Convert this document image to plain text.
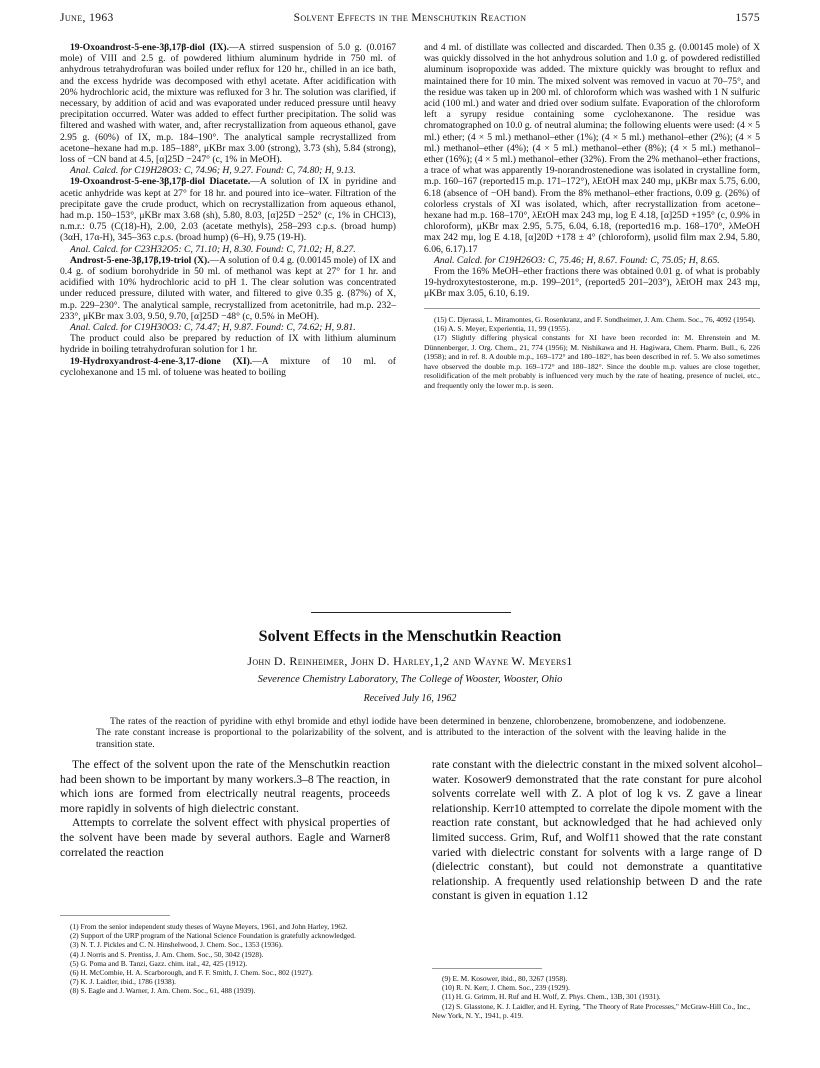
June, 1963	Solvent Effects in the Menschutkin Reaction	1575

19-Oxoandrost-5-ene-3β,17β-diol (IX).—A stirred suspension of 5.0 g. (0.0167 mole) of VIII and 2.5 g. of powdered lithium aluminum hydride in 750 ml. of anhydrous tetrahydrofuran was boiled under reflux for 120 hr., chilled in an ice bath, and the excess hydride was decomposed with ethyl acetate. After acidification with 20% hydrochloric acid, the mixture was refluxed for 3 hr. The solution was clarified, if necessary, by addition of acid and was evaporated under reduced pressure until heavy precipitation occurred. Water was added to effect further precipitation. The solid was filtered and washed with water, and, after recrystallization from aqueous ethanol, gave 2.95 g. (60%) of IX, m.p. 184–190°. The analytical sample recrystallized from acetone–hexane had m.p. 185–188°, μKBr max 3.00 (strong), 3.73 (sh), 5.84 (strong), loss of −CN band at 4.5, [α]25D −247° (c, 1% in MeOH).

Anal. Calcd. for C19H28O3: C, 74.96; H, 9.27. Found: C, 74.80; H, 9.13.

19-Oxoandrost-5-ene-3β,17β-diol Diacetate.—A solution of IX in pyridine and acetic anhydride was kept at 27° for 18 hr. and poured into ice–water. Filtration of the precipitate gave the crude product, which on recrystallization from aqueous ethanol, had m.p. 150–153°, μKBr max 3.68 (sh), 5.80, 8.03, [α]25D −252° (c, 1% in CHCl3), n.m.r.: 0.75 (C(18)-H), 2.00, 2.03 (acetate methyls), 258–293 c.p.s. (broad hump) (3αH, 17α-H), 345–363 c.p.s. (broad hump) (6–H), 9.75 (19-H).

Anal. Calcd. for C23H32O5: C, 71.10; H, 8.30. Found: C, 71.02; H, 8.27.

Androst-5-ene-3β,17β,19-triol (X).—A solution of 0.4 g. (0.00145 mole) of IX and 0.4 g. of sodium borohydride in 50 ml. of methanol was kept at 27° for 1 hr. and acidified with 10% hydrochloric acid to pH 1. The clear solution was concentrated under reduced pressure, diluted with water, and filtered to give 0.35 g. (87%) of X, m.p. 229–230°. The analytical sample, recrystallized from acetonitrile, had m.p. 232–233°, μKBr max 3.03, 9.50, 9.70, [α]25D −48° (c, 0.5% in MeOH).

Anal. Calcd. for C19H30O3: C, 74.47; H, 9.87. Found: C, 74.62; H, 9.81.

The product could also be prepared by reduction of IX with lithium aluminum hydride in boiling tetrahydrofuran solution for 1 hr.

19-Hydroxyandrost-4-ene-3,17-dione (XI).—A mixture of 10 ml. of cyclohexanone and 15 ml. of toluene was heated to boiling

and 4 ml. of distillate was collected and discarded. Then 0.35 g. (0.00145 mole) of X was quickly dissolved in the hot anhydrous solution and 1.0 g. of powdered redistilled aluminum isopropoxide was added. The mixture quickly was brought to reflux and maintained there for 10 min. The mixed solvent was removed in vacuo at 70–75°, and the residue was taken up in 200 ml. of chloroform which was washed with 1 N sulfuric acid (100 ml.) and water and dried over sodium sulfate. Evaporation of the chloroform left a syrupy residue containing some cyclohexanone. The residue was chromatographed on 10.0 g. of neutral alumina; the following eluents were used: (4 × 5 ml.) ether; (4 × 5 ml.) methanol–ether (1%); (4 × 5 ml.) methanol–ether (2%); (4 × 5 ml.) methanol–ether (4%); (4 × 5 ml.) methanol–ether (8%); (4 × 5 ml.) methanol–ether (16%); (4 × 5 ml.) methanol–ether (32%). From the 2% methanol–ether fractions, a trace of what was apparently 19-norandrostenedione was isolated in crystalline form, m.p. 160–167 (reported15 m.p. 171–172°), λEtOH max 240 mμ, μKBr max 5.75, 6.00, 6.18 (absence of −OH band). From the 8% methanol–ether fractions, 0.09 g. (26%) of colorless crystals of XI was isolated, which, after recrystallization from acetone–hexane had m.p. 168–170°, λEtOH max 243 mμ, log E 4.18, [α]25D +195° (c, 0.9% in chloroform), μKBr max 2.95, 5.75, 6.04, 6.18, (reported16 m.p. 168–170°, λMeOH max 242 mμ, log E 4.18, [α]20D +178 ± 4° (chloroform), μsolid film max 2.94, 5.80, 6.06, 6.17).17

Anal. Calcd. for C19H26O3: C, 75.46; H, 8.67. Found: C, 75.05; H, 8.65.

From the 16% MeOH–ether fractions there was obtained 0.01 g. of what is probably 19-hydroxytestosterone, m.p. 199–201°, (reported5 201–203°), λEtOH max 243 mμ, μKBr max 3.05, 6.10, 6.19.

(15) C. Djerassi, L. Miramontes, G. Rosenkranz, and F. Sondheimer, J. Am. Chem. Soc., 76, 4092 (1954).
(16) A. S. Meyer, Experientia, 11, 99 (1955).
(17) Slightly differing physical constants for XI have been recorded in: M. Ehrenstein and M. Dünnenberger, J. Org. Chem., 21, 774 (1956); M. Nishikawa and H. Hagiwara, Chem. Pharm. Bull., 6, 226 (1958); and in ref. 8. A double m.p., 169–172° and 180–182°, has been described in ref. 5. We also sometimes have observed the double m.p. 169–172° and 180–182°. Since the double m.p. values are close together, resolidification of the melt probably is influenced very much by the rate of heating, presence of nuclei, etc., and frequently only the lower m.p. is seen.
Solvent Effects in the Menschutkin Reaction
John D. Reinheimer, John D. Harley,1,2 and Wayne W. Meyers1
Severence Chemistry Laboratory, The College of Wooster, Wooster, Ohio
Received July 16, 1962
The rates of the reaction of pyridine with ethyl bromide and ethyl iodide have been determined in benzene, chlorobenzene, bromobenzene, and iodobenzene. The rate constant increase is proportional to the polarizability of the solvent, and is attributed to the interaction of the solvent with the leaving halide in the transition state.

The effect of the solvent upon the rate of the Menschutkin reaction had been shown to be important by many workers.3–8 The reaction, in which ions are formed from electrically neutral reagents, proceeds more rapidly in solvents of high dielectric constant.

Attempts to correlate the solvent effect with physical properties of the solvent have been made by several authors. Eagle and Warner8 correlated the reaction

rate constant with the dielectric constant in the mixed solvent alcohol–water. Kosower9 demonstrated that the rate constant for pure alcohol solvents correlate well with Z. A plot of log k vs. Z gave a linear relationship. Kerr10 attempted to correlate the dipole moment with the reaction rate constant, but acknowledged that he had achieved only limited success. Grim, Ruf, and Wolf11 showed that the rate constant varied with dielectric constant for solvents with a large range of D (dielectric constant), but could not demonstrate a quantitative relationship. A frequently used relationship between D and the rate constant is given in equation 1.12

(1) From the senior independent study theses of Wayne Meyers, 1961, and John Harley, 1962.
(2) Support of the URP program of the National Science Foundation is gratefully acknowledged.
(3) N. T. J. Pickles and C. N. Hinshelwood, J. Chem. Soc., 1353 (1936).
(4) J. Norris and S. Prentiss, J. Am. Chem. Soc., 50, 3042 (1928).
(5) G. Poma and B. Tanzi, Gazz. chim. ital., 42, 425 (1912).
(6) H. McCombie, H. A. Scarborough, and F. F. Smith, J. Chem. Soc., 802 (1927).
(7) K. J. Laidler, ibid., 1786 (1938).
(8) S. Eagle and J. Warner, J. Am. Chem. Soc., 61, 488 (1939).
(9) E. M. Kosower, ibid., 80, 3267 (1958).
(10) R. N. Kerr, J. Chem. Soc., 239 (1929).
(11) H. G. Grimm, H. Ruf and H. Wolf, Z. Phys. Chem., 13B, 301 (1931).
(12) S. Glasstone, K. J. Laidler, and H. Eyring, "The Theory of Rate Processes," McGraw-Hill Co., Inc., New York, N. Y., 1941, p. 419.
